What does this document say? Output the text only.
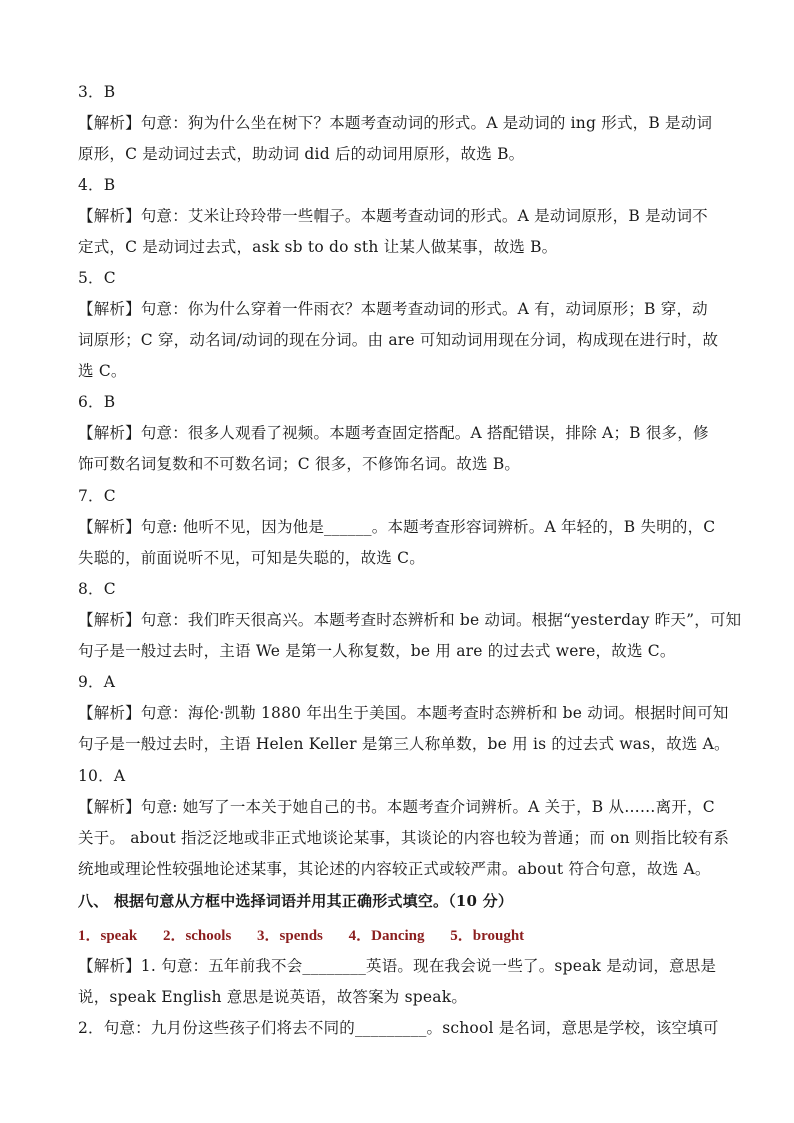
3．B
【解析】句意：狗为什么坐在树下？本题考查动词的形式。A 是动词的 ing 形式，B 是动词
原形，C 是动词过去式，助动词 did 后的动词用原形，故选 B。
4．B
【解析】句意：艾米让玲玲带一些帽子。本题考查动词的形式。A 是动词原形，B 是动词不
定式，C 是动词过去式，ask sb to do sth 让某人做某事，故选 B。
5．C
【解析】句意：你为什么穿着一件雨衣？本题考查动词的形式。A 有，动词原形；B 穿，动
词原形；C 穿，动名词/动词的现在分词。由 are 可知动词用现在分词，构成现在进行时，故
选 C。
6．B
【解析】句意：很多人观看了视频。本题考查固定搭配。A 搭配错误，排除 A；B 很多，修
饰可数名词复数和不可数名词；C 很多，不修饰名词。故选 B。
7．C
【解析】句意: 他听不见，因为他是______。本题考查形容词辨析。A 年轻的，B 失明的，C
失聪的，前面说听不见，可知是失聪的，故选 C。
8．C
【解析】句意：我们昨天很高兴。本题考查时态辨析和 be 动词。根据“yesterday 昨天”，可知
句子是一般过去时，主语 We 是第一人称复数，be 用 are 的过去式 were，故选 C。
9．A
【解析】句意：海伦·凯勒 1880 年出生于美国。本题考查时态辨析和 be 动词。根据时间可知
句子是一般过去时，主语 Helen Keller 是第三人称单数，be 用 is 的过去式 was，故选 A。
10．A
【解析】句意: 她写了一本关于她自己的书。本题考查介词辨析。A 关于，B 从……离开，C
关于。 about 指泛泛地或非正式地谈论某事，其谈论的内容也较为普通；而 on 则指比较有系
统地或理论性较强地论述某事，其论述的内容较正式或较严肃。about 符合句意，故选 A。
八、 根据句意从方框中选择词语并用其正确形式填空。（10 分）
1．speak 2．schools 3．spends 4．Dancing 5．brought
【解析】1. 句意：五年前我不会________英语。现在我会说一些了。speak 是动词，意思是
说，speak English 意思是说英语，故答案为 speak。
2．句意：九月份这些孩子们将去不同的_________。school 是名词，意思是学校，该空填可
